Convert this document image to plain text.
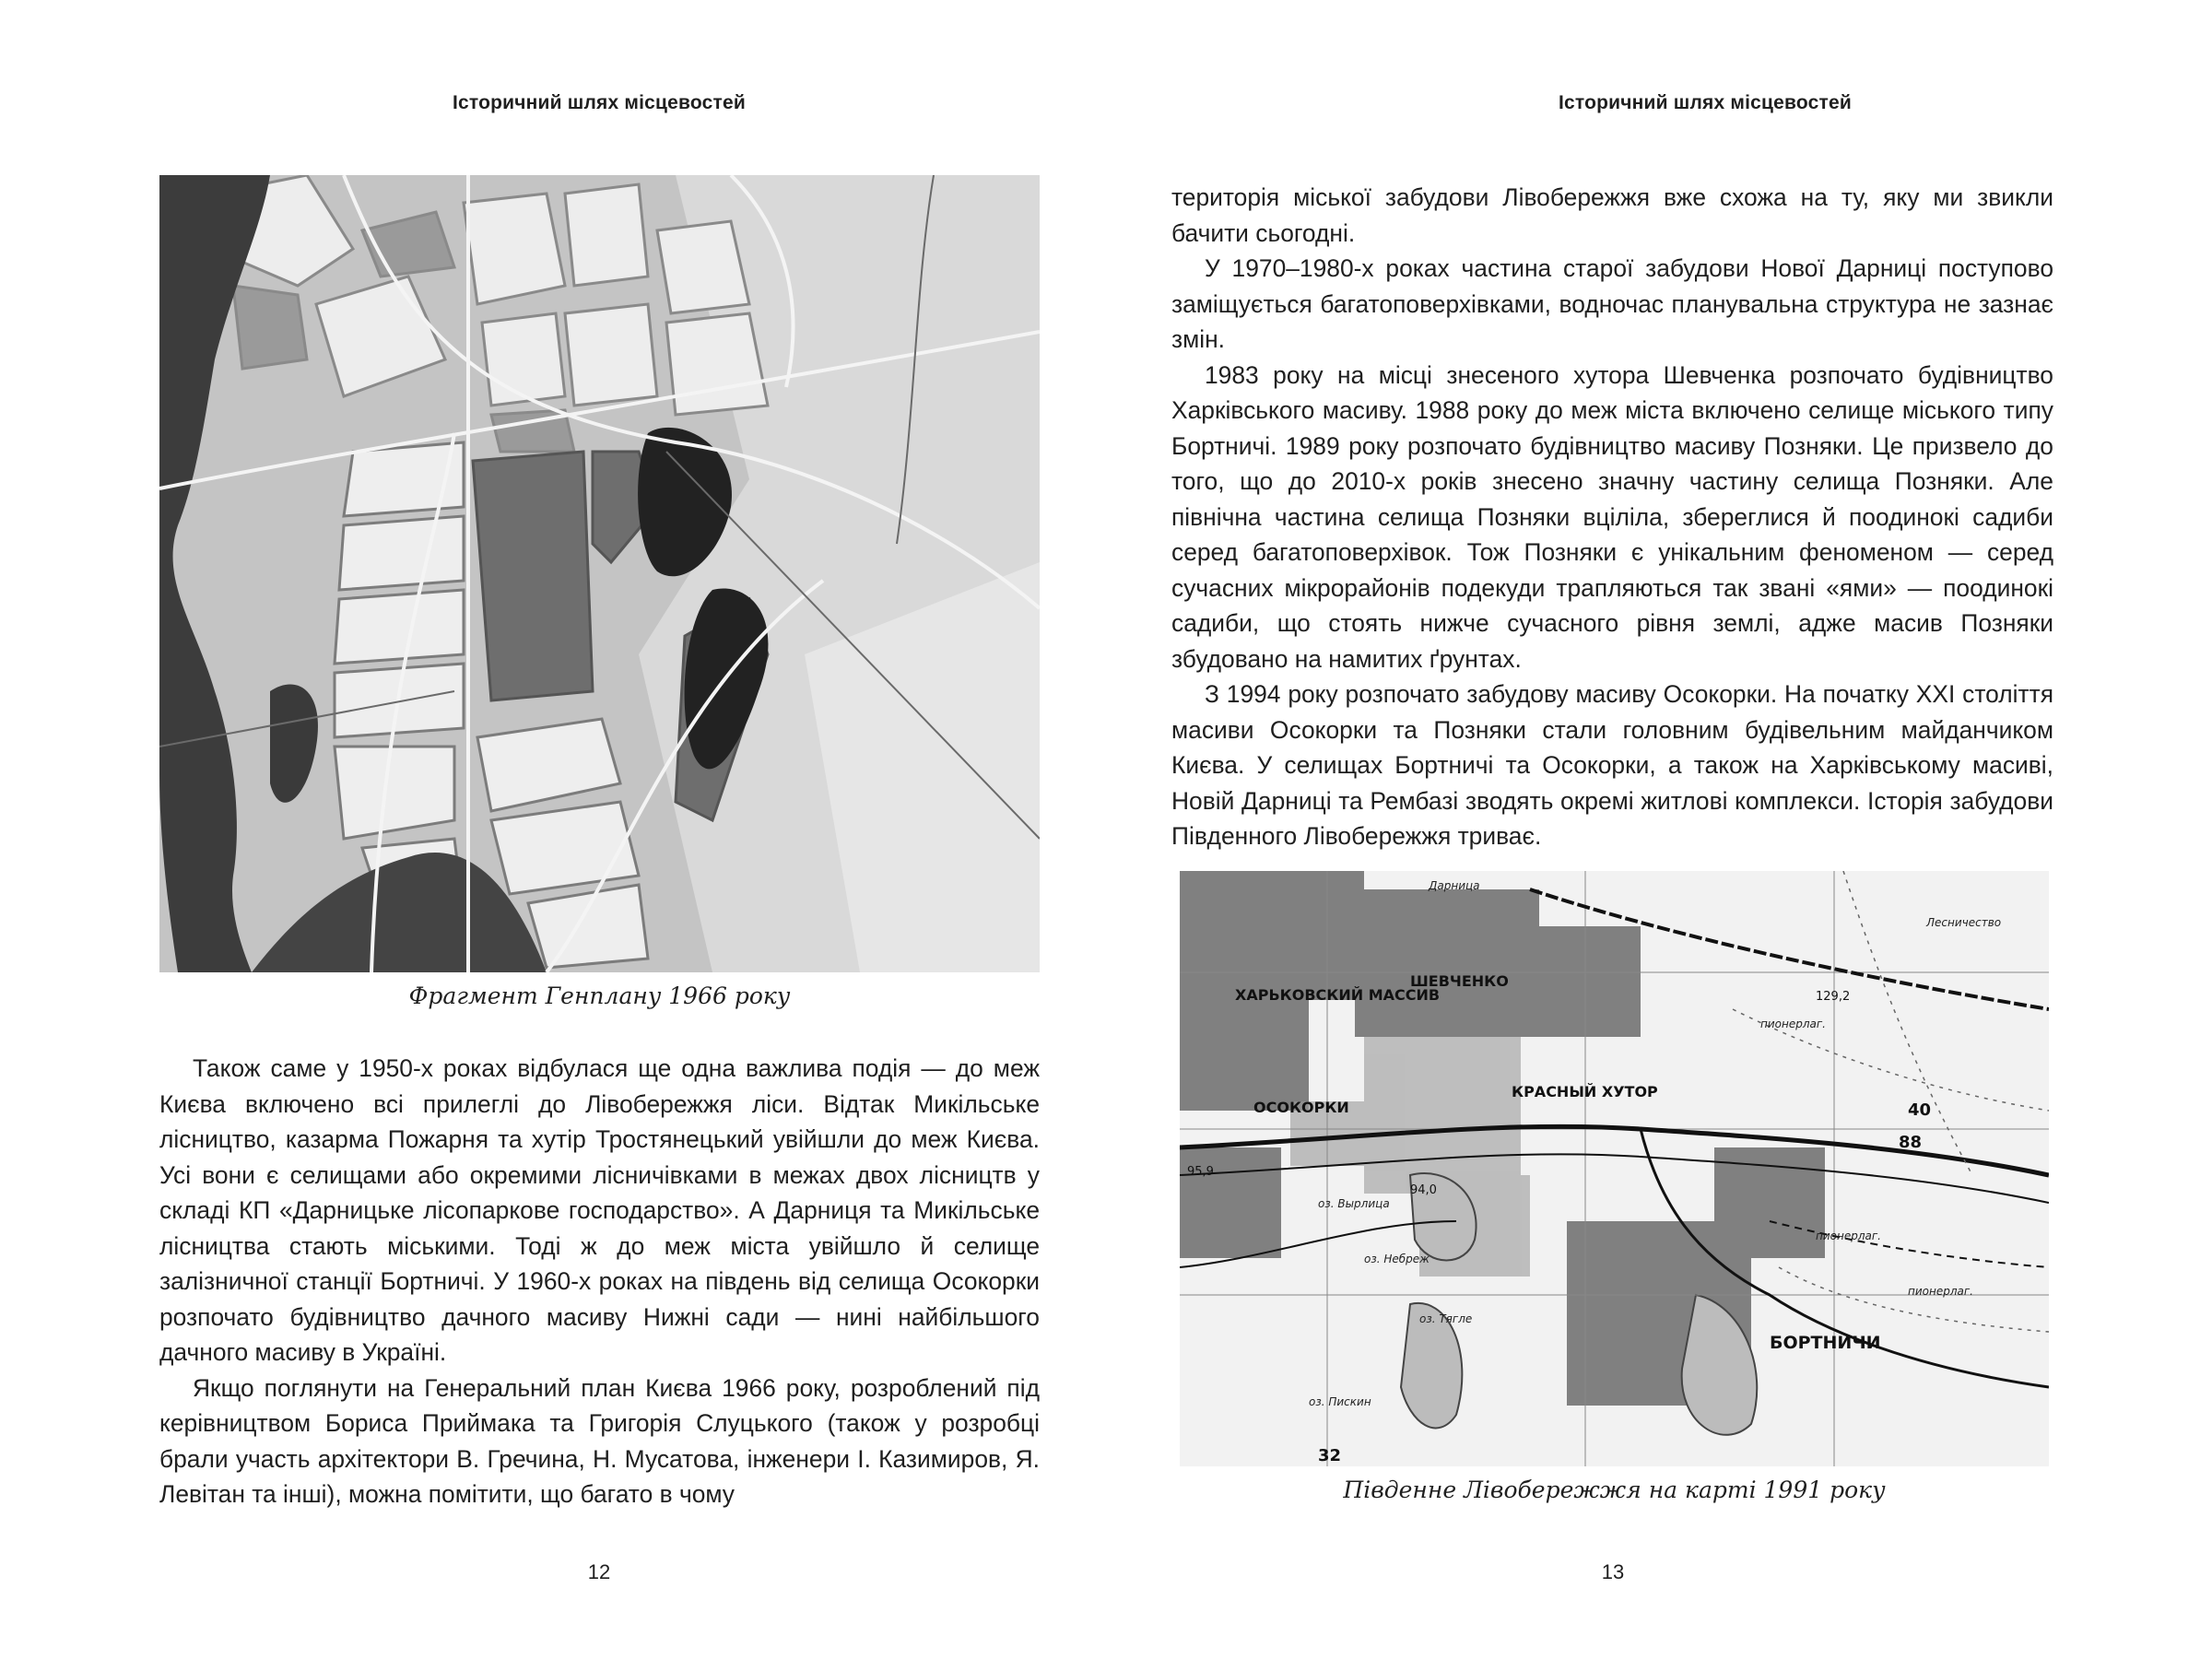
Історичний шлях місцевостей
Фрагмент Генплану 1966 року

Також саме у 1950-х роках відбулася ще одна важлива подія — до меж Києва включено всі прилеглі до Лівобережжя ліси. Відтак Микільське лісництво, казарма Пожарня та хутір Тростянецький увійшли до меж Києва. Усі вони є селищами або окремими лісничівками в межах двох лісництв у складі КП «Дарницьке лісопаркове господарство». А Дарниця та Микільське лісництва стають міськими. Тоді ж до меж міста увійшло й селище залізничної станції Бортничі. У 1960-х роках на південь від селища Осокорки розпочато будівництво дачного масиву Нижні сади — нині найбільшого дачного масиву в Україні.

Якщо поглянути на Генеральний план Києва 1966 року, розроблений під керівництвом Бориса Приймака та Григорія Слуцького (також у розробці брали участь архітектори В. Гречина, Н. Мусатова, інженери І. Казимиров, Я. Левітан та інші), можна помітити, що багато в чому

12
Історичний шлях місцевостей

територія міської забудови Лівобережжя вже схожа на ту, яку ми звикли бачити сьогодні.

У 1970–1980-х роках частина старої забудови Нової Дарниці поступово заміщується багатоповерхівками, водночас планувальна структура не зазнає змін.

1983 року на місці знесеного хутора Шевченка розпочато будівництво Харківського масиву. 1988 року до меж міста включено селище міського типу Бортничі. 1989 року розпочато будівництво масиву Позняки. Це призвело до того, що до 2010-х років знесено значну частину селища Позняки. Але північна частина селища Позняки вціліла, збереглися й поодинокі садиби серед багатоповерхівок. Тож Позняки є унікальним феноменом — серед сучасних мікрорайонів подекуди трапляються так звані «ями» — поодинокі садиби, що стоять нижче сучасного рівня землі, адже масив Позняки збудовано на намитих ґрунтах.

З 1994 року розпочато забудову масиву Осокорки. На початку XXI століття масиви Осокорки та Позняки стали головним будівельним майданчиком Києва. У селищах Бортничі та Осокорки, а також на Харківському масиві, Новій Дарниці та Рембазі зводять окремі житлові комплекси. Історія забудови Південного Лівобережжя триває.

ХАРЬКОВСКИЙ МАССИВ
ШЕВЧЕНКО
КРАСНЫЙ ХУТОР
ОСОКОРКИ
БОРТНИЧИ
Дарница
пионерлаг.
пионерлаг.
пионерлаг.
оз. Вырлица
оз. Небреж
оз. Тягле
оз. Пискин
Лесничество
40
88
32
94,0
95,9
129,2
Південне Лівобережжя на карті 1991 року
13
